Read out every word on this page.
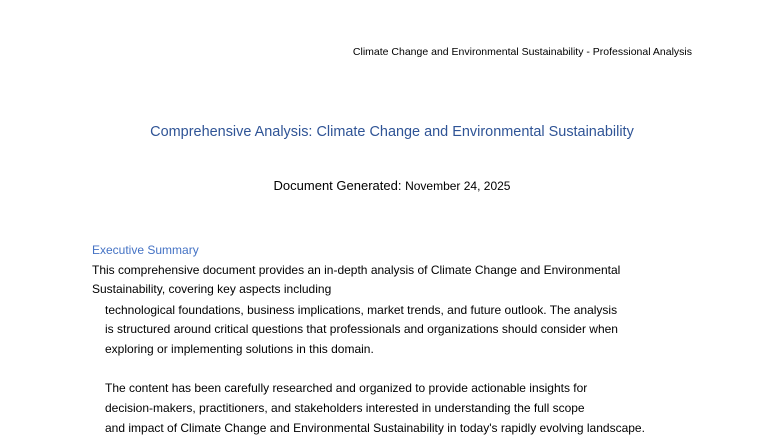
Climate Change and Environmental Sustainability - Professional Analysis
Comprehensive Analysis: Climate Change and Environmental Sustainability
Document Generated: November 24, 2025
Executive Summary
This comprehensive document provides an in-depth analysis of Climate Change and Environmental
Sustainability, covering key aspects including
technological foundations, business implications, market trends, and future outlook. The analysis
is structured around critical questions that professionals and organizations should consider when
exploring or implementing solutions in this domain.
The content has been carefully researched and organized to provide actionable insights for
decision-makers, practitioners, and stakeholders interested in understanding the full scope
and impact of Climate Change and Environmental Sustainability in today's rapidly evolving landscape.
